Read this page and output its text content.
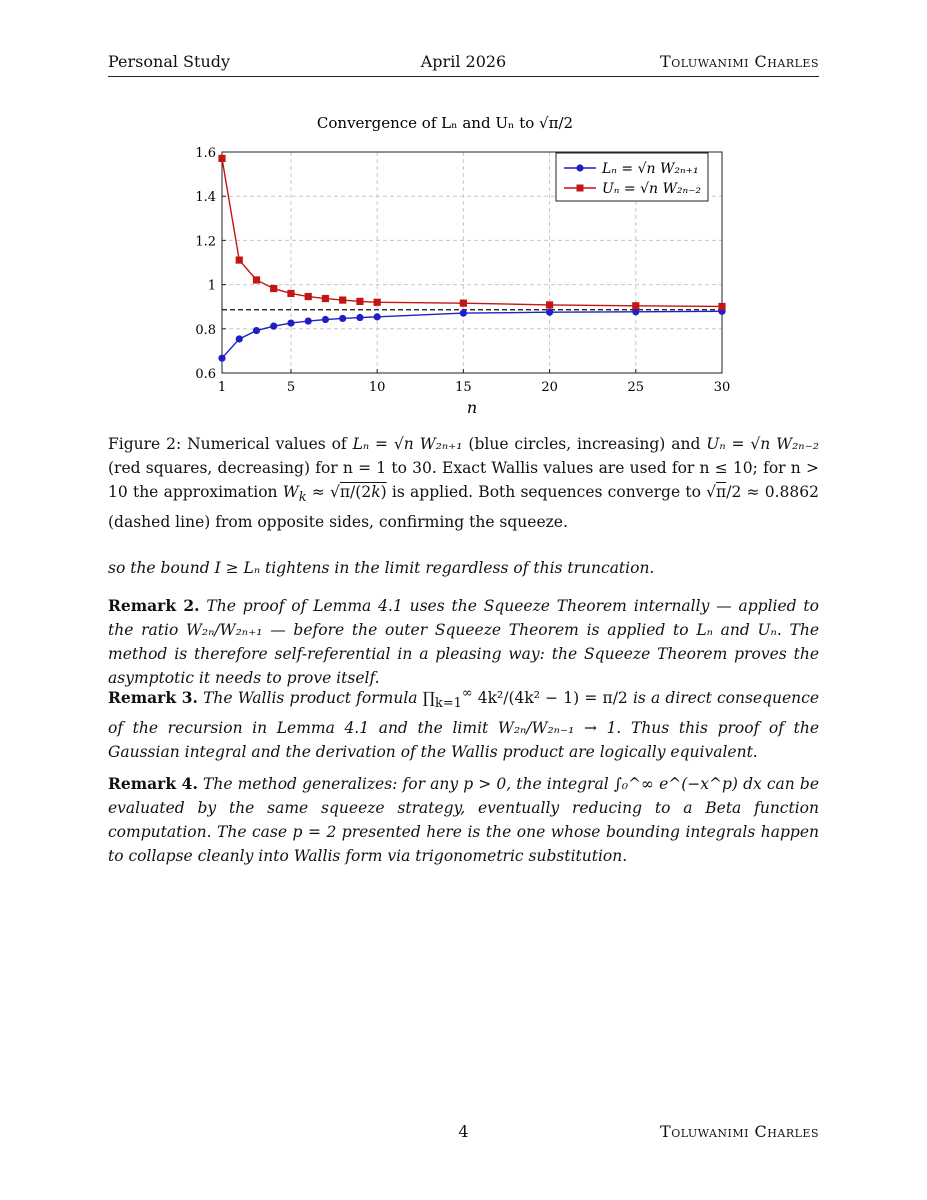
Personal Study	April 2026	Toluwanimi Charles
Convergence of Lₙ and Uₙ to √π/2
1	5	10	15	20	25	30
0.6
0.8
1
1.2
1.4
1.6
n
Lₙ = √n W₂ₙ₊₁
Uₙ = √n W₂ₙ₋₂
Figure 2: Numerical values of Lₙ = √n W₂ₙ₊₁ (blue circles, increasing) and Uₙ = √n W₂ₙ₋₂ (red squares, decreasing) for n = 1 to 30. Exact Wallis values are used for n ≤ 10; for n > 10 the approximation $W_k \approx √\pi/(2k)$ is applied. Both sequences converge to √π/2 ≈ 0.8862 (dashed line) from opposite sides, confirming the squeeze.
so the bound I ≥ Lₙ tightens in the limit regardless of this truncation.
Remark 2. The proof of Lemma 4.1 uses the Squeeze Theorem internally — applied to the ratio W₂ₙ/W₂ₙ₊₁ — before the outer Squeeze Theorem is applied to Lₙ and Uₙ. The method is therefore self-referential in a pleasing way: the Squeeze Theorem proves the asymptotic it needs to prove itself.
Remark 3. The Wallis product formula $\prod_{k=1}^\infty$ 4k²/(4k² − 1) = π/2 is a direct consequence of the recursion in Lemma 4.1 and the limit W₂ₙ/W₂ₙ₋₁ → 1. Thus this proof of the Gaussian integral and the derivation of the Wallis product are logically equivalent.
Remark 4. The method generalizes: for any p > 0, the integral ∫₀^∞ e^(−x^p) dx can be evaluated by the same squeeze strategy, eventually reducing to a Beta function computation. The case p = 2 presented here is the one whose bounding integrals happen to collapse cleanly into Wallis form via trigonometric substitution.
4	Toluwanimi Charles
